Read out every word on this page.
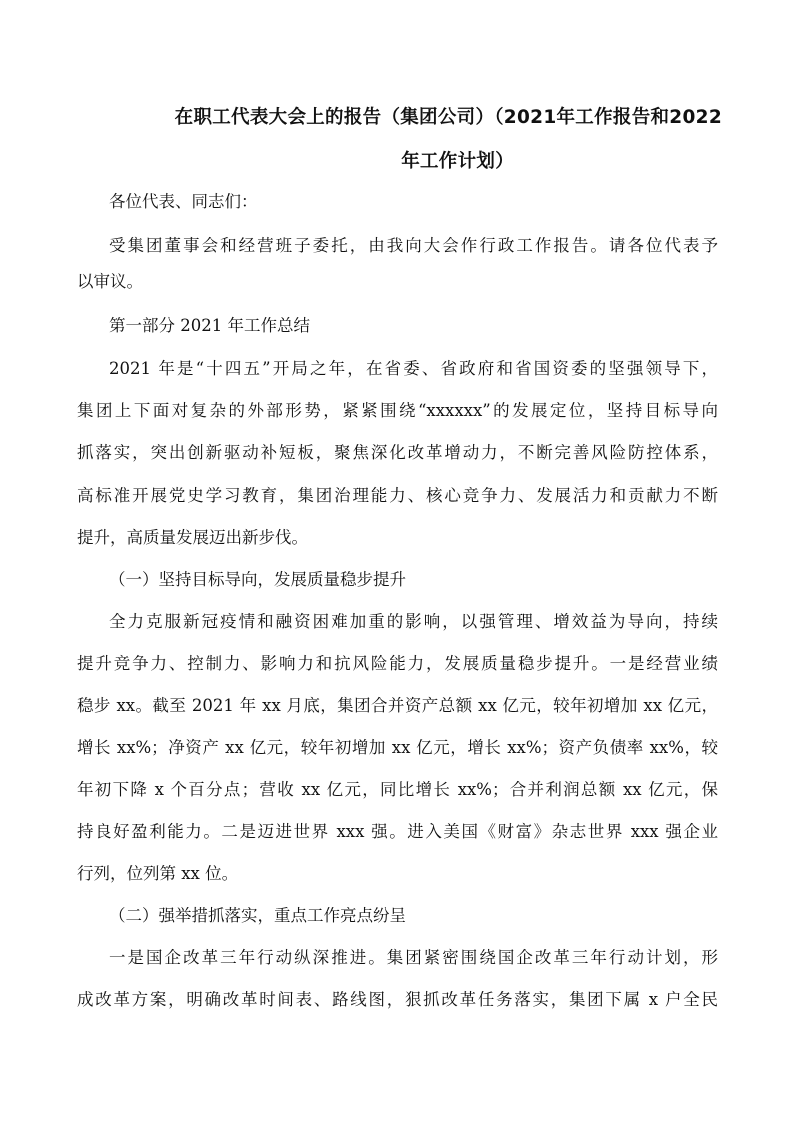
在职工代表大会上的报告（集团公司）（2021年工作报告和2022
年工作计划）
各位代表、同志们：
受集团董事会和经营班子委托，由我向大会作行政工作报告。请各位代表予
以审议。
第一部分 2021 年工作总结
2021 年是“十四五”开局之年，在省委、省政府和省国资委的坚强领导下，
集团上下面对复杂的外部形势，紧紧围绕“xxxxxx”的发展定位，坚持目标导向
抓落实，突出创新驱动补短板，聚焦深化改革增动力，不断完善风险防控体系，
高标准开展党史学习教育，集团治理能力、核心竞争力、发展活力和贡献力不断
提升，高质量发展迈出新步伐。
（一）坚持目标导向，发展质量稳步提升
全力克服新冠疫情和融资困难加重的影响，以强管理、增效益为导向，持续
提升竞争力、控制力、影响力和抗风险能力，发展质量稳步提升。一是经营业绩
稳步 xx。截至 2021 年 xx 月底，集团合并资产总额 xx 亿元，较年初增加 xx 亿元，
增长 xx%；净资产 xx 亿元，较年初增加 xx 亿元，增长 xx%；资产负债率 xx%，较
年初下降 x 个百分点；营收 xx 亿元，同比增长 xx%；合并利润总额 xx 亿元，保
持良好盈利能力。二是迈进世界 xxx 强。进入美国《财富》杂志世界 xxx 强企业
行列，位列第 xx 位。
（二）强举措抓落实，重点工作亮点纷呈
一是国企改革三年行动纵深推进。集团紧密围绕国企改革三年行动计划，形
成改革方案，明确改革时间表、路线图，狠抓改革任务落实，集团下属 x 户全民
